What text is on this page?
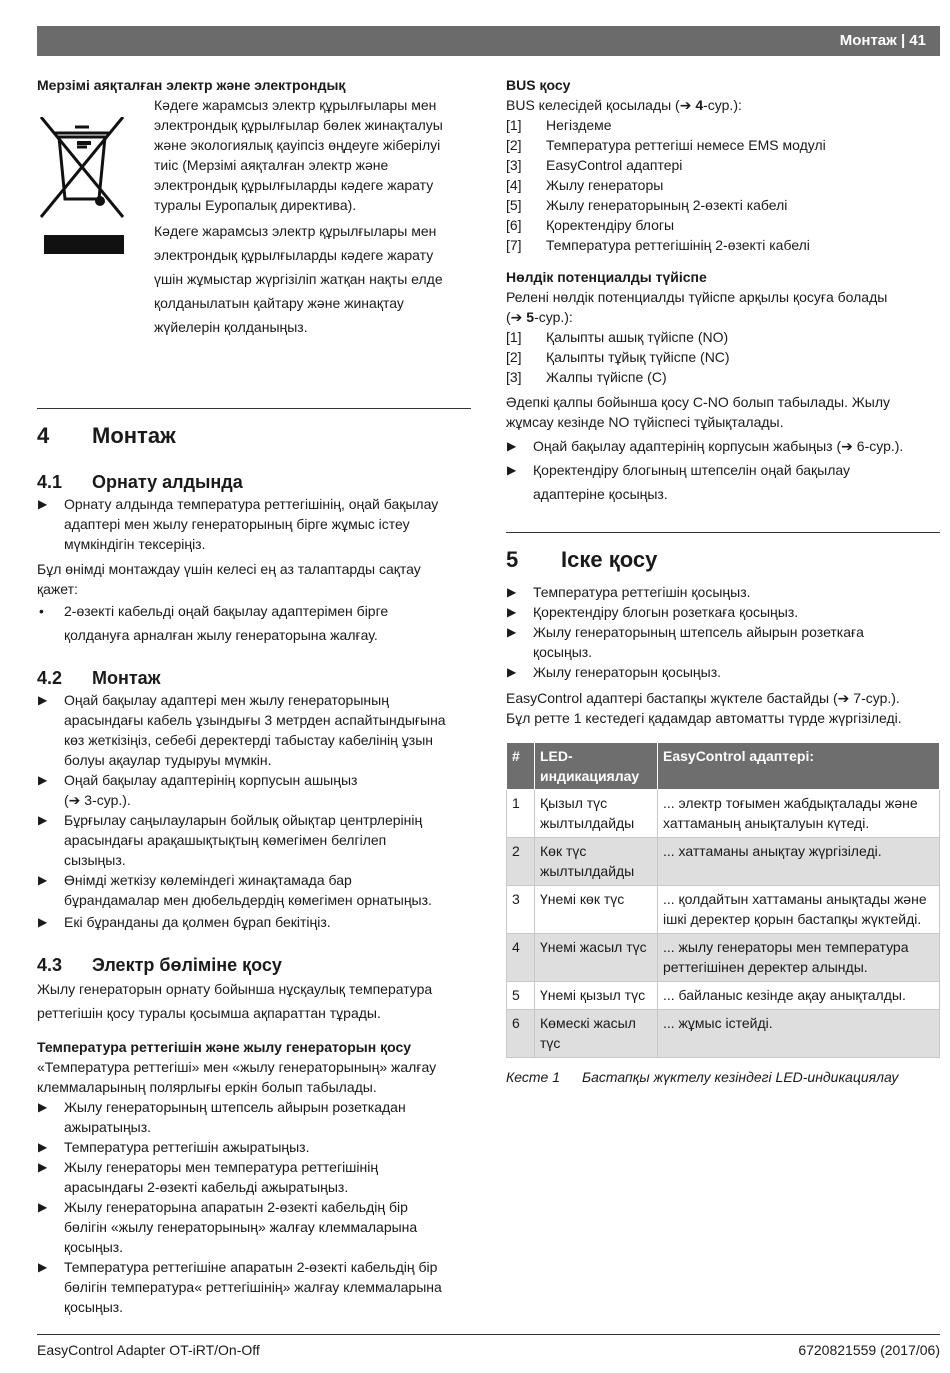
Монтаж | 41
Мерзімі аяқталған электр және электрондық

Кәдеге жарамсыз электр құрылғылары мен

электрондық құрылғылар бөлек жинақталуы

және экологиялық қауіпсіз өңдеуге жіберілуі

тиіс (Мерзімі аяқталған электр және

электрондық құрылғыларды кәдеге жарату

туралы Еуропалық директива).

Кәдеге жарамсыз электр құрылғылары мен

электрондық құрылғыларды кәдеге жарату

үшін жұмыстар жүргізіліп жатқан нақты елде

қолданылатын қайтару және жинақтау

жүйелерін қолданыңыз.

4	Монтаж
4.1	Орнату алдында
▶	Орнату алдында температура реттегішінің, оңай бақылау

адаптері мен жылу генераторының бірге жұмыс істеу

мүмкіндігін тексеріңіз.

Бұл өнімді монтаждау үшін келесі ең аз талаптарды сақтау

қажет:

•	2-өзекті кабельді оңай бақылау адаптерімен бірге

қолдануға арналған жылу генераторына жалғау.

4.2	Монтаж
▶	Оңай бақылау адаптері мен жылу генераторының

арасындағы кабель ұзындығы 3 метрден аспайтындығына

көз жеткізіңіз, себебі деректерді табыстау кабелінің ұзын

болуы ақаулар тудыруы мүмкін.

▶	Оңай бақылау адаптерінің корпусын ашыңыз

(➔ 3-сур.).

▶	Бұрғылау саңылауларын бойлық ойықтар центрлерінің

арасындағы арақашықтықтың көмегімен белгілеп

сызыңыз.

▶	Өнімді жеткізу көлеміндегі жинақтамада бар

бұрандамалар мен дюбельдердің көмегімен орнатыңыз.

▶	Екі бұранданы да қолмен бұрап бекітіңіз.

4.3	Электр бөліміне қосу

Жылу генераторын орнату бойынша нұсқаулық температура

реттегішін қосу туралы қосымша ақпараттан тұрады.

Температура реттегішін және жылу генераторын қосу

«Температура реттегіші» мен «жылу генераторының» жалғау

клеммаларының полярлығы еркін болып табылады.

▶	Жылу генераторының штепсель айырын розеткадан

ажыратыңыз.

▶	Температура реттегішін ажыратыңыз.

▶	Жылу генераторы мен температура реттегішінің

арасындағы 2-өзекті кабельді ажыратыңыз.

▶	Жылу генераторына апаратын 2-өзекті кабельдің бір

бөлігін «жылу генераторының» жалғау клеммаларына

қосыңыз.

▶	Температура реттегішіне апаратын 2-өзекті кабельдің бір

бөлігін температура« реттегішінің» жалғау клеммаларына

қосыңыз.

BUS қосу

BUS келесідей қосылады (➔ 4-сур.):

[1]	Негіздеме
[2]	Температура реттегіші немесе EMS модулі
[3]	EasyControl адаптері
[4]	Жылу генераторы
[5]	Жылу генераторының 2-өзекті кабелі
[6]	Қоректендіру блогы
[7]	Температура реттегішінің 2-өзекті кабелі
Нөлдік потенциалды түйіспе

Релені нөлдік потенциалды түйіспе арқылы қосуға болады

(➔ 5-сур.):

[1]	Қалыпты ашық түйіспе (NO)
[2]	Қалыпты тұйық түйіспе (NC)
[3]	Жалпы түйіспе (C)

Әдепкі қалпы бойынша қосу C-NO болып табылады. Жылу

жұмсау кезінде NO түйіспесі тұйықталады.

▶	Оңай бақылау адаптерінің корпусын жабыңыз (➔ 6-сур.).

▶	Қоректендіру блогының штепселін оңай бақылау

адаптеріне қосыңыз.

5	Іске қосу
▶	Температура реттегішін қосыңыз.

▶	Қоректендіру блогын розеткаға қосыңыз.

▶	Жылу генераторының штепсель айырын розеткаға

қосыңыз.

▶	Жылу генераторын қосыңыз.

EasyControl адаптері бастапқы жүктеле бастайды (➔ 7-сур.).

Бұл ретте 1 кестедегі қадамдар автоматты түрде жүргізіледі.

#	LED-индикациялау	EasyControl адаптері:
1	Қызыл түс жылтылдайды	... электр тоғымен жабдықталады және хаттаманың анықталуын күтеді.
2	Көк түс жылтылдайды	... хаттаманы анықтау жүргізіледі.
3	Үнемі көк түс	... қолдайтын хаттаманы анықтады және ішкі деректер қорын бастапқы жүктейді.
4	Үнемі жасыл түс	... жылу генераторы мен температура реттегішінен деректер алынды.
5	Үнемі қызыл түс	... байланыс кезінде ақау анықталды.
6	Көмескі жасыл түс	... жұмыс істейді.
Кесте 1	Бастапқы жүктелу кезіндегі LED-индикациялау
EasyControl Adapter OT-iRT/On-Off	6720821559 (2017/06)
